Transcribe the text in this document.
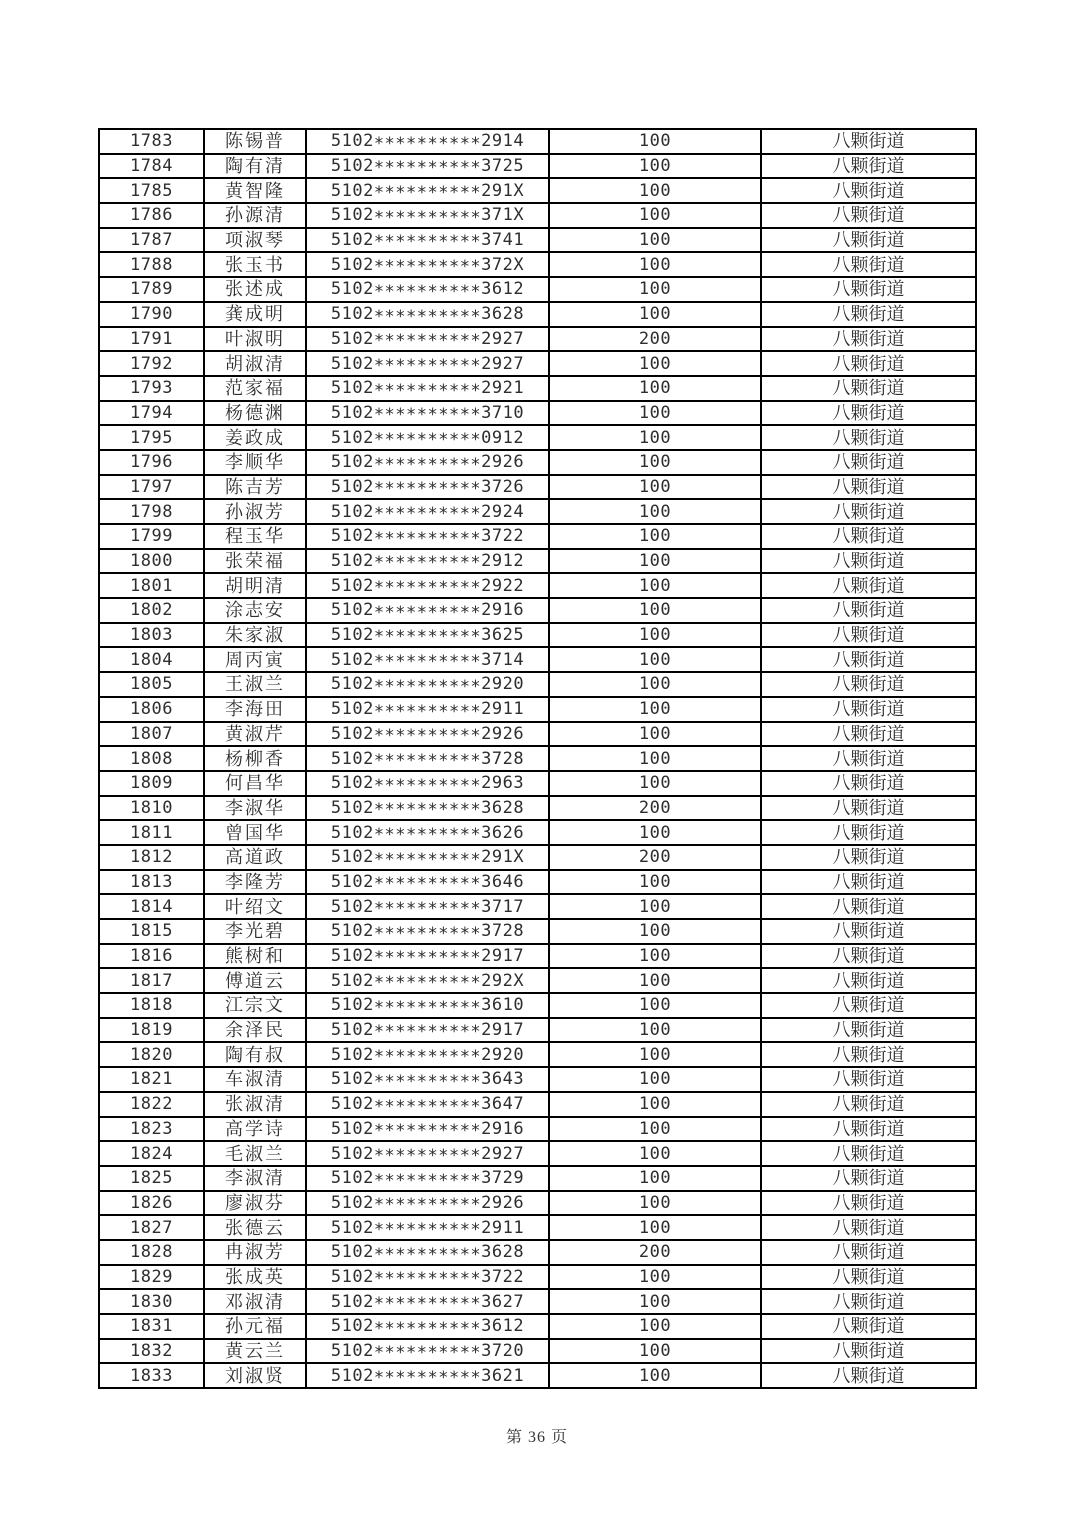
1783	陈锡普	5102**********2914	100	八颗街道
1784	陶有清	5102**********3725	100	八颗街道
1785	黄智隆	5102**********291X	100	八颗街道
1786	孙源清	5102**********371X	100	八颗街道
1787	项淑琴	5102**********3741	100	八颗街道
1788	张玉书	5102**********372X	100	八颗街道
1789	张述成	5102**********3612	100	八颗街道
1790	龚成明	5102**********3628	100	八颗街道
1791	叶淑明	5102**********2927	200	八颗街道
1792	胡淑清	5102**********2927	100	八颗街道
1793	范家福	5102**********2921	100	八颗街道
1794	杨德渊	5102**********3710	100	八颗街道
1795	姜政成	5102**********0912	100	八颗街道
1796	李顺华	5102**********2926	100	八颗街道
1797	陈吉芳	5102**********3726	100	八颗街道
1798	孙淑芳	5102**********2924	100	八颗街道
1799	程玉华	5102**********3722	100	八颗街道
1800	张荣福	5102**********2912	100	八颗街道
1801	胡明清	5102**********2922	100	八颗街道
1802	涂志安	5102**********2916	100	八颗街道
1803	朱家淑	5102**********3625	100	八颗街道
1804	周丙寅	5102**********3714	100	八颗街道
1805	王淑兰	5102**********2920	100	八颗街道
1806	李海田	5102**********2911	100	八颗街道
1807	黄淑芹	5102**********2926	100	八颗街道
1808	杨柳香	5102**********3728	100	八颗街道
1809	何昌华	5102**********2963	100	八颗街道
1810	李淑华	5102**********3628	200	八颗街道
1811	曾国华	5102**********3626	100	八颗街道
1812	高道政	5102**********291X	200	八颗街道
1813	李隆芳	5102**********3646	100	八颗街道
1814	叶绍文	5102**********3717	100	八颗街道
1815	李光碧	5102**********3728	100	八颗街道
1816	熊树和	5102**********2917	100	八颗街道
1817	傅道云	5102**********292X	100	八颗街道
1818	江宗文	5102**********3610	100	八颗街道
1819	余泽民	5102**********2917	100	八颗街道
1820	陶有叔	5102**********2920	100	八颗街道
1821	车淑清	5102**********3643	100	八颗街道
1822	张淑清	5102**********3647	100	八颗街道
1823	高学诗	5102**********2916	100	八颗街道
1824	毛淑兰	5102**********2927	100	八颗街道
1825	李淑清	5102**********3729	100	八颗街道
1826	廖淑芬	5102**********2926	100	八颗街道
1827	张德云	5102**********2911	100	八颗街道
1828	冉淑芳	5102**********3628	200	八颗街道
1829	张成英	5102**********3722	100	八颗街道
1830	邓淑清	5102**********3627	100	八颗街道
1831	孙元福	5102**********3612	100	八颗街道
1832	黄云兰	5102**********3720	100	八颗街道
1833	刘淑贤	5102**********3621	100	八颗街道
第 36 页
